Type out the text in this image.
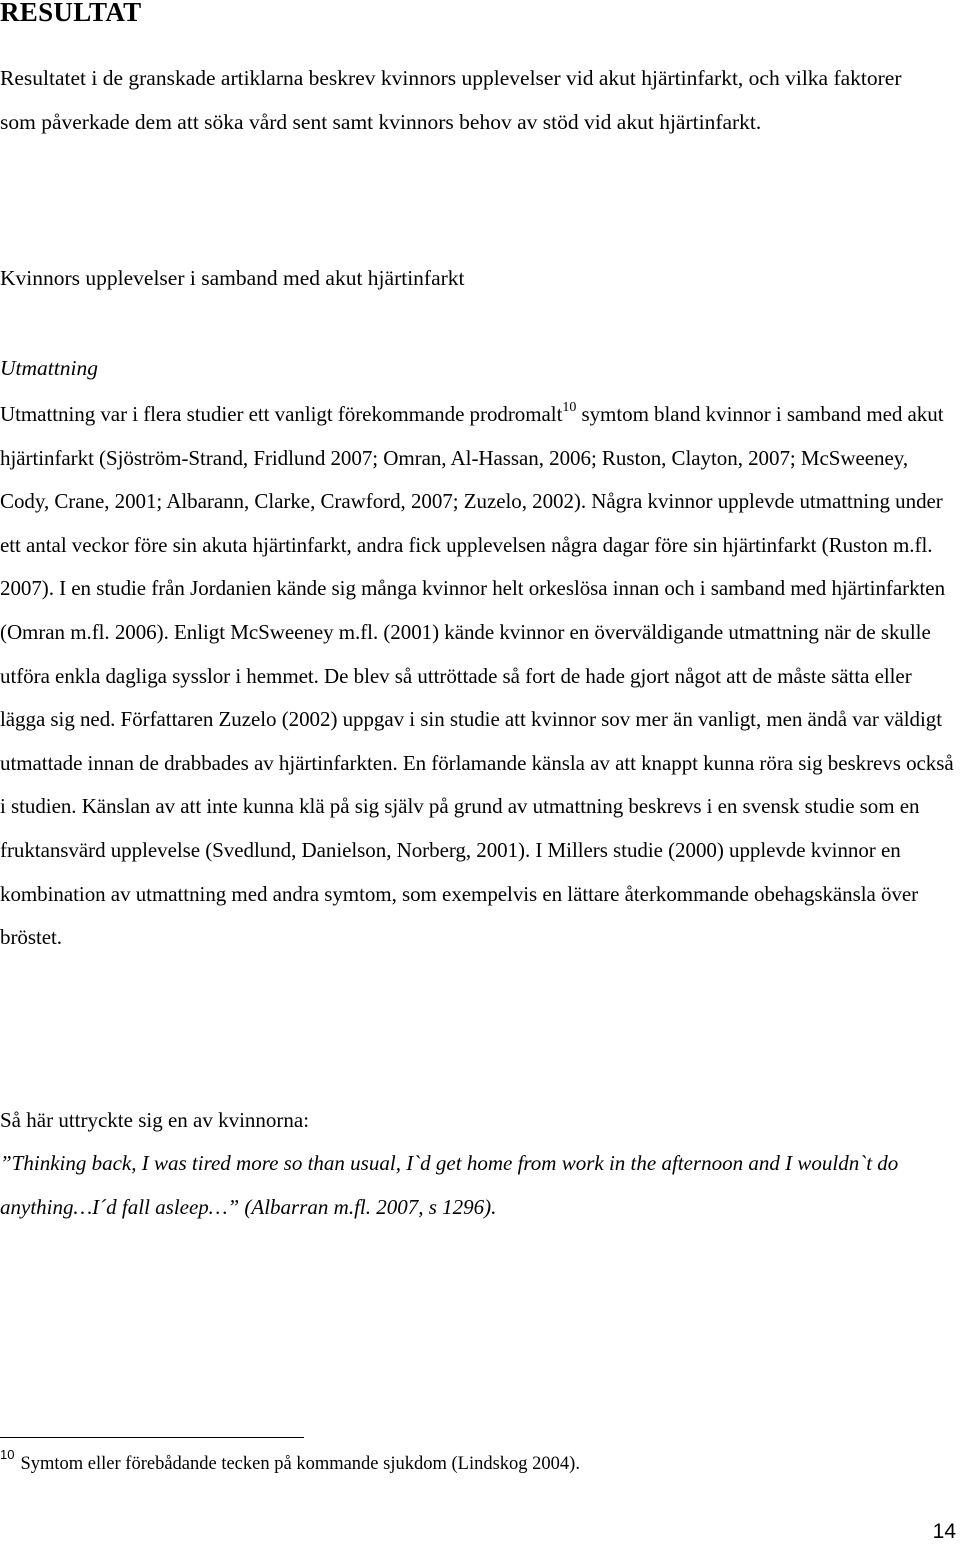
RESULTAT

Resultatet i de granskade artiklarna beskrev kvinnors upplevelser vid akut hjärtinfarkt, och vilka faktorer som påverkade dem att söka vård sent samt kvinnors behov av stöd vid akut hjärtinfarkt.

Kvinnors upplevelser i samband med akut hjärtinfarkt
Utmattning

Utmattning var i flera studier ett vanligt förekommande prodromalt$^{10}$ symtom bland kvinnor i samband med akut hjärtinfarkt (Sjöström-Strand, Fridlund 2007; Omran, Al-Hassan, 2006; Ruston, Clayton, 2007; McSweeney, Cody, Crane, 2001; Albarann, Clarke, Crawford, 2007; Zuzelo, 2002). Några kvinnor upplevde utmattning under ett antal veckor före sin akuta hjärtinfarkt, andra fick upplevelsen några dagar före sin hjärtinfarkt (Ruston m.fl. 2007). I en studie från Jordanien kände sig många kvinnor helt orkeslösa innan och i samband med hjärtinfarkten (Omran m.fl. 2006). Enligt McSweeney m.fl. (2001) kände kvinnor en överväldigande utmattning när de skulle utföra enkla dagliga sysslor i hemmet. De blev så uttröttade så fort de hade gjort något att de måste sätta eller lägga sig ned. Författaren Zuzelo (2002) uppgav i sin studie att kvinnor sov mer än vanligt, men ändå var väldigt utmattade innan de drabbades av hjärtinfarkten. En förlamande känsla av att knappt kunna röra sig beskrevs också i studien. Känslan av att inte kunna klä på sig själv på grund av utmattning beskrevs i en svensk studie som en fruktansvärd upplevelse (Svedlund, Danielson, Norberg, 2001). I Millers studie (2000) upplevde kvinnor en kombination av utmattning med andra symtom, som exempelvis en lättare återkommande obehagskänsla över bröstet.

Så här uttryckte sig en av kvinnorna:

”Thinking back, I was tired more so than usual, I`d get home from work in the afternoon and I wouldn`t do anything…I´d fall asleep…” (Albarran m.fl. 2007, s 1296).

$^{10}$ Symtom eller förebådande tecken på kommande sjukdom (Lindskog 2004).

14
